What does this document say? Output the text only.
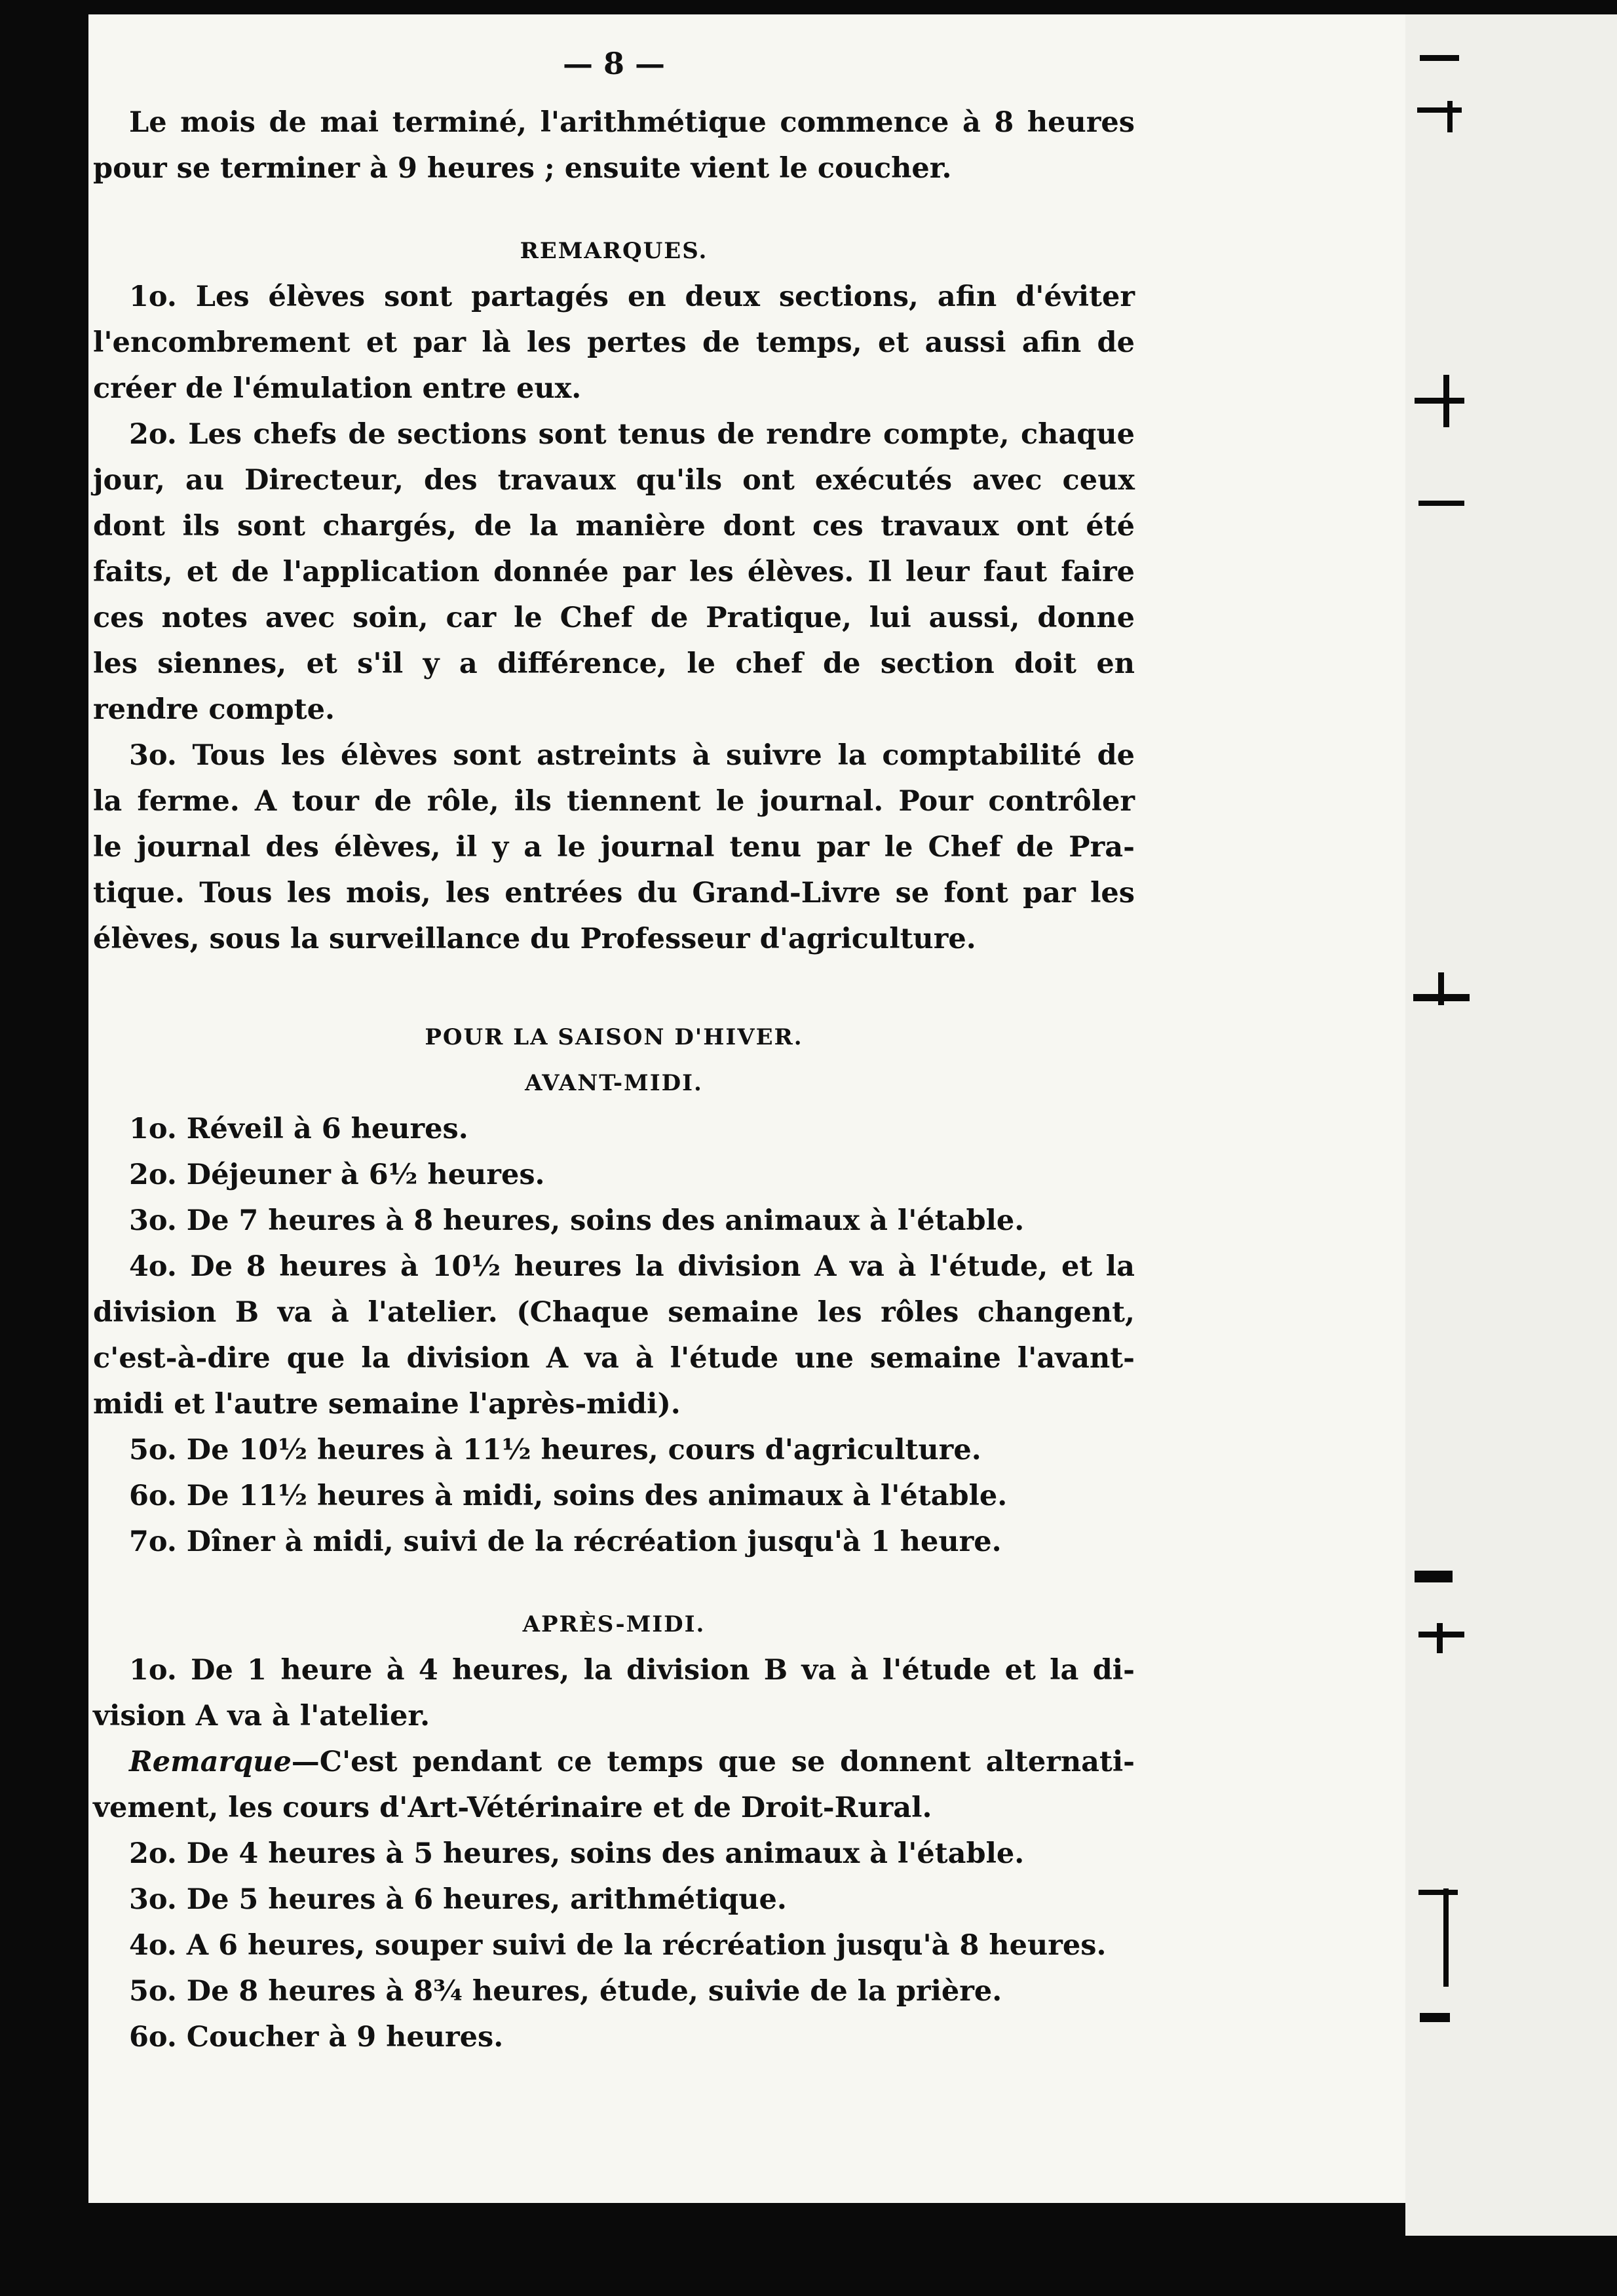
— 8 —
Le mois de mai terminé, l'arithmétique commence à 8 heures
pour se terminer à 9 heures ; ensuite vient le coucher.
REMARQUES.
1o. Les élèves sont partagés en deux sections, afin d'éviter
l'encombrement et par là les pertes de temps, et aussi afin de
créer de l'émulation entre eux.
2o. Les chefs de sections sont tenus de rendre compte, chaque
jour, au Directeur, des travaux qu'ils ont exécutés avec ceux
dont ils sont chargés, de la manière dont ces travaux ont été
faits, et de l'application donnée par les élèves. Il leur faut faire
ces notes avec soin, car le Chef de Pratique, lui aussi, donne
les siennes, et s'il y a différence, le chef de section doit en
rendre compte.
3o. Tous les élèves sont astreints à suivre la comptabilité de
la ferme. A tour de rôle, ils tiennent le journal. Pour contrôler
le journal des élèves, il y a le journal tenu par le Chef de Pra-
tique. Tous les mois, les entrées du Grand-Livre se font par les
élèves, sous la surveillance du Professeur d'agriculture.
POUR LA SAISON D'HIVER.
AVANT-MIDI.
1o. Réveil à 6 heures.
2o. Déjeuner à 6½ heures.
3o. De 7 heures à 8 heures, soins des animaux à l'étable.
4o. De 8 heures à 10½ heures la division A va à l'étude, et la
division B va à l'atelier. (Chaque semaine les rôles changent,
c'est-à-dire que la division A va à l'étude une semaine l'avant-
midi et l'autre semaine l'après-midi).
5o. De 10½ heures à 11½ heures, cours d'agriculture.
6o. De 11½ heures à midi, soins des animaux à l'étable.
7o. Dîner à midi, suivi de la récréation jusqu'à 1 heure.
APRÈS-MIDI.
1o. De 1 heure à 4 heures, la division B va à l'étude et la di-
vision A va à l'atelier.
Remarque—C'est pendant ce temps que se donnent alternati-
vement, les cours d'Art-Vétérinaire et de Droit-Rural.
2o. De 4 heures à 5 heures, soins des animaux à l'étable.
3o. De 5 heures à 6 heures, arithmétique.
4o. A 6 heures, souper suivi de la récréation jusqu'à 8 heures.
5o. De 8 heures à 8¾ heures, étude, suivie de la prière.
6o. Coucher à 9 heures.
